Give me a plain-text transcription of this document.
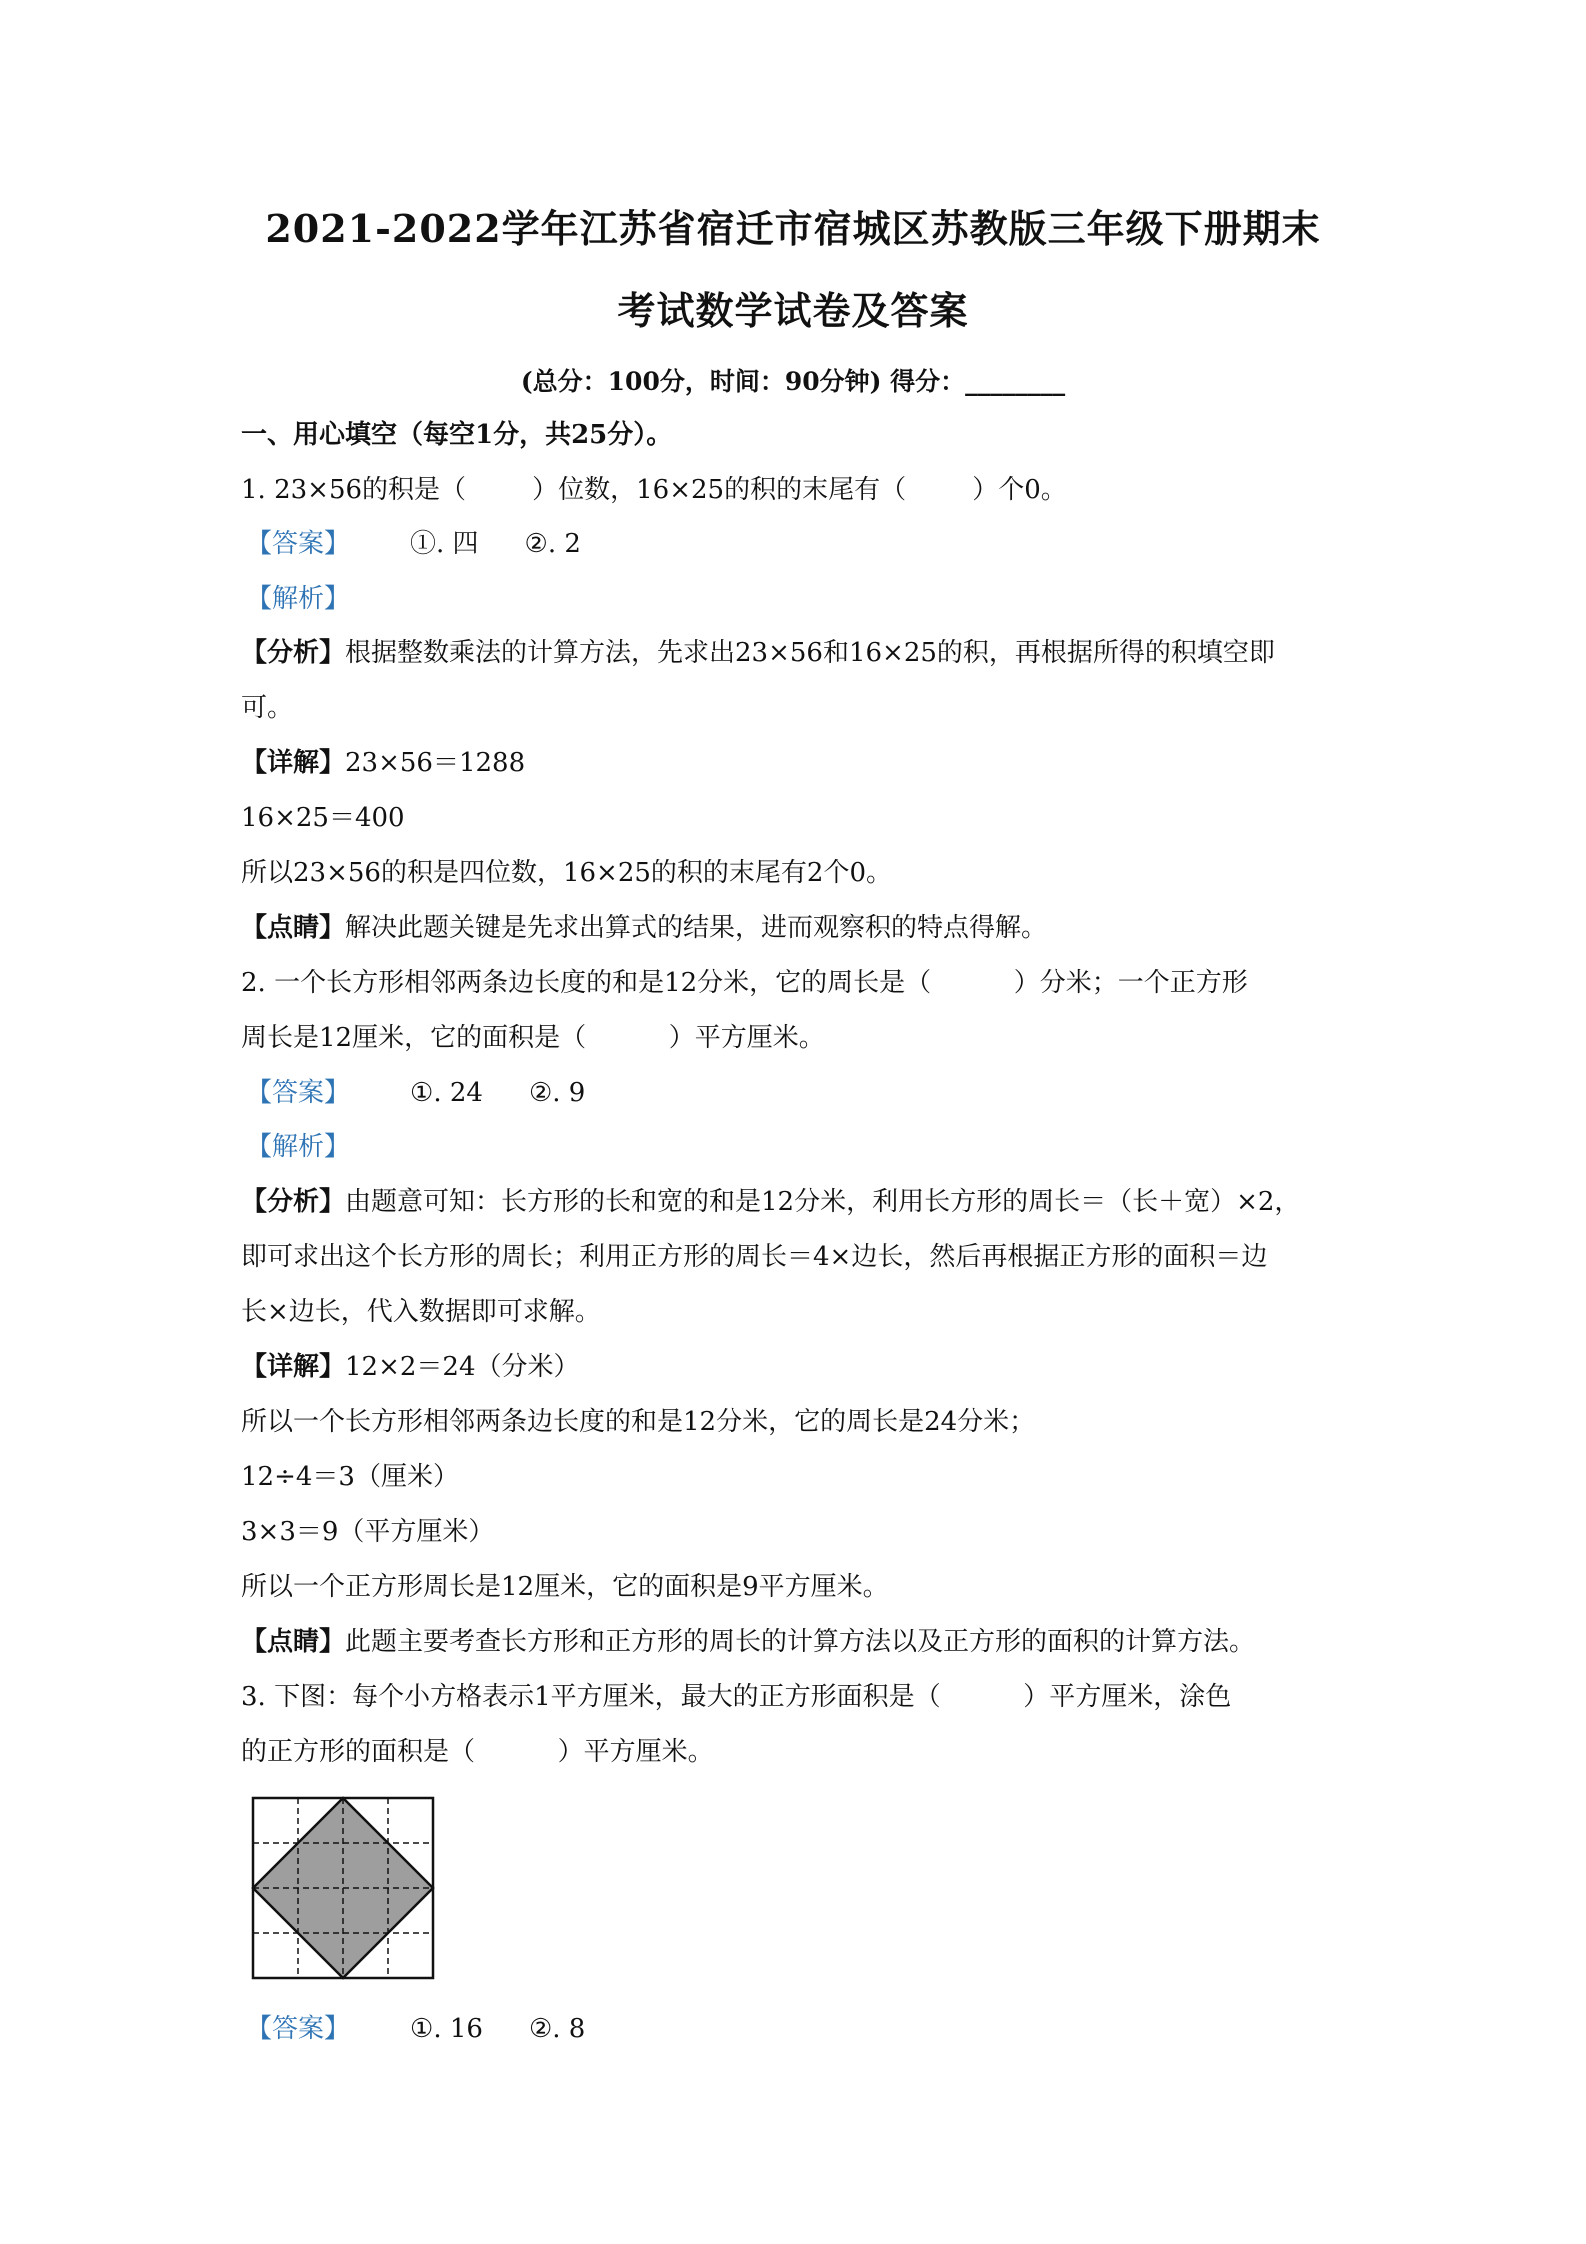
2021-2022学年江苏省宿迁市宿城区苏教版三年级下册期末
考试数学试卷及答案
(总分：100分，时间：90分钟) 得分：________
一、用心填空（每空1分，共25分）。
1. 23×56的积是（        ）位数，16×25的积的末尾有（        ）个0。
【答案】 ①. 四 ②. 2
【解析】
【分析】根据整数乘法的计算方法，先求出23×56和16×25的积，再根据所得的积填空即
可。
【详解】23×56＝1288
16×25＝400
所以23×56的积是四位数，16×25的积的末尾有2个0。
【点睛】解决此题关键是先求出算式的结果，进而观察积的特点得解。
2. 一个长方形相邻两条边长度的和是12分米，它的周长是（          ）分米；一个正方形
周长是12厘米，它的面积是（          ）平方厘米。
【答案】 ①. 24 ②. 9
【解析】
【分析】由题意可知：长方形的长和宽的和是12分米，利用长方形的周长＝（长＋宽）×2，
即可求出这个长方形的周长；利用正方形的周长＝4×边长，然后再根据正方形的面积＝边
长×边长，代入数据即可求解。
【详解】12×2＝24（分米）
所以一个长方形相邻两条边长度的和是12分米，它的周长是24分米；
12÷4＝3（厘米）
3×3＝9（平方厘米）
所以一个正方形周长是12厘米，它的面积是9平方厘米。
【点睛】此题主要考查长方形和正方形的周长的计算方法以及正方形的面积的计算方法。
3. 下图：每个小方格表示1平方厘米，最大的正方形面积是（          ）平方厘米，涂色
的正方形的面积是（          ）平方厘米。
【答案】 ①. 16 ②. 8
